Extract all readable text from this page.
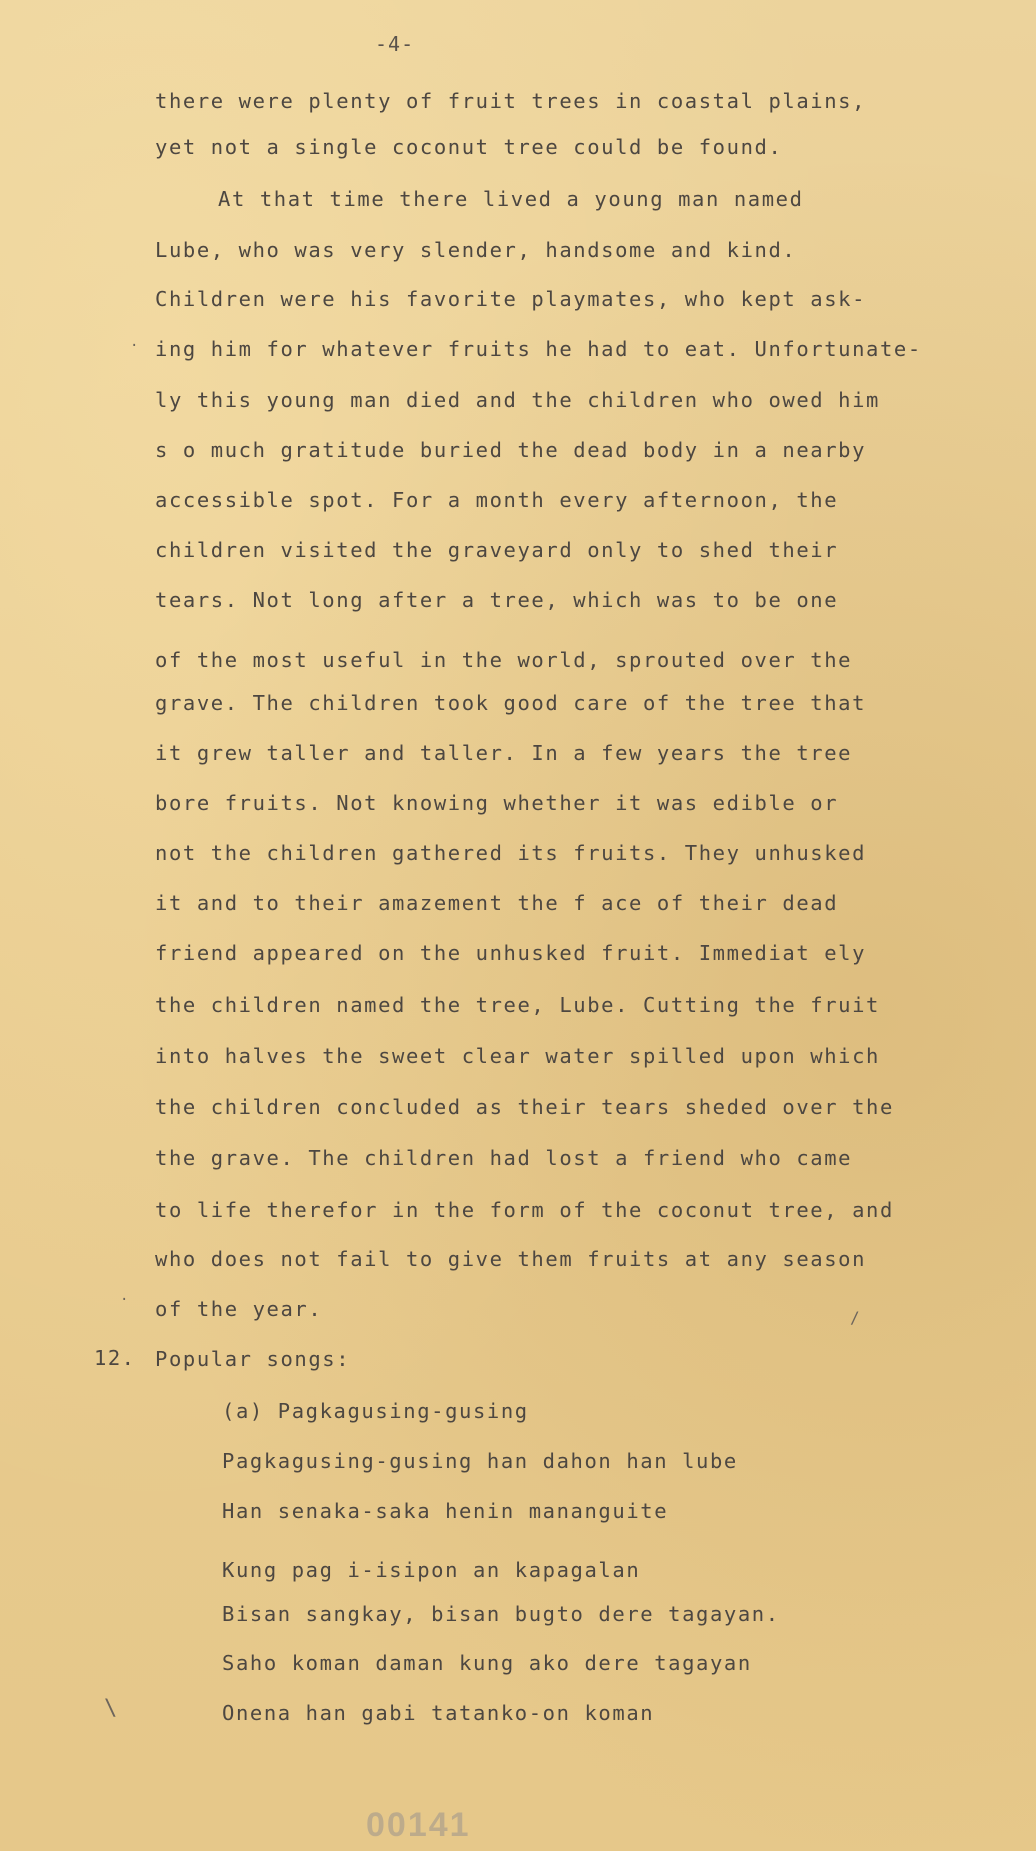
-4-
there were plenty of fruit trees in coastal plains,
yet not a single coconut tree could be found.
At that time there lived a young man named
Lube, who was very slender, handsome and kind.
Children were his favorite playmates, who kept ask-
ing him for whatever fruits he had to eat. Unfortunate-
ly this young man died and the children who owed him
s o much gratitude buried the dead body in a nearby
accessible spot. For a month every afternoon, the
children visited the graveyard only to shed their
tears. Not long after a tree, which was to be one
of the most useful in the world, sprouted over the
grave. The children took good care of the tree that
it grew taller and taller. In a few years the tree
bore fruits. Not knowing whether it was edible or
not the children gathered its fruits. They unhusked
it and to their amazement the f ace of their dead
friend appeared on the unhusked fruit. Immediat ely
the children named the tree, Lube. Cutting the fruit
into halves the sweet clear water spilled upon which
the children concluded as their tears sheded over the
the grave. The children had lost a friend who came
to life therefor in the form of the coconut tree, and
who does not fail to give them fruits at any season
of the year.
12. Popular songs:
(a) Pagkagusing-gusing
Pagkagusing-gusing han dahon han lube
Han senaka-saka henin mananguite
Kung pag i-isipon an kapagalan
Bisan sangkay, bisan bugto dere tagayan.
Saho koman daman kung ako dere tagayan
Onena han gabi tatanko-on koman
\
/
·
·
00141
